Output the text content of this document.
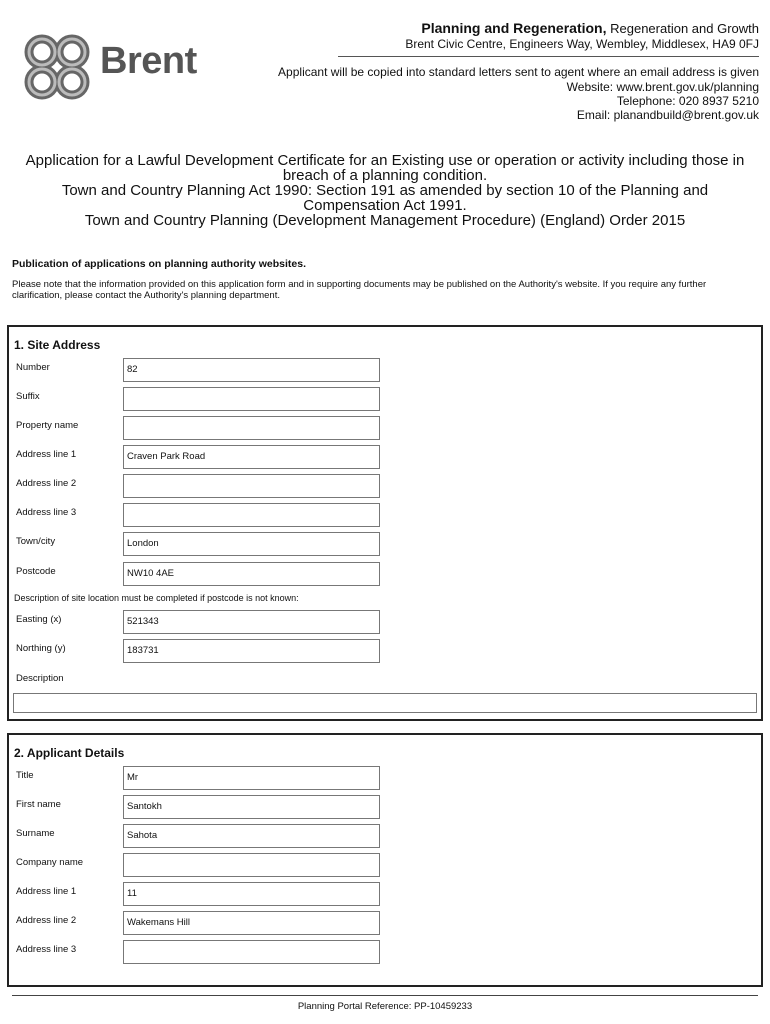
Brent
Planning and Regeneration, Regeneration and Growth
Brent Civic Centre, Engineers Way, Wembley, Middlesex, HA9 0FJ
Applicant will be copied into standard letters sent to agent where an email address is given
Website: www.brent.gov.uk/planning
Telephone: 020 8937 5210
Email: planandbuild@brent.gov.uk
Application for a Lawful Development Certificate for an Existing use or operation or activity including those in
breach of a planning condition.
Town and Country Planning Act 1990: Section 191 as amended by section 10 of the Planning and
Compensation Act 1991.
Town and Country Planning (Development Management Procedure) (England) Order 2015
Publication of applications on planning authority websites.
Please note that the information provided on this application form and in supporting documents may be published on the Authority's website. If you require any further clarification, please contact the Authority's planning department.
1. Site Address
Number	82
Suffix
Property name
Address line 1	Craven Park Road
Address line 2
Address line 3
Town/city	London
Postcode	NW10 4AE
Description of site location must be completed if postcode is not known:
Easting (x)	521343
Northing (y)	183731
Description
2. Applicant Details
Title	Mr
First name	Santokh
Surname	Sahota
Company name
Address line 1	11
Address line 2	Wakemans Hill
Address line 3
Planning Portal Reference: PP-10459233
